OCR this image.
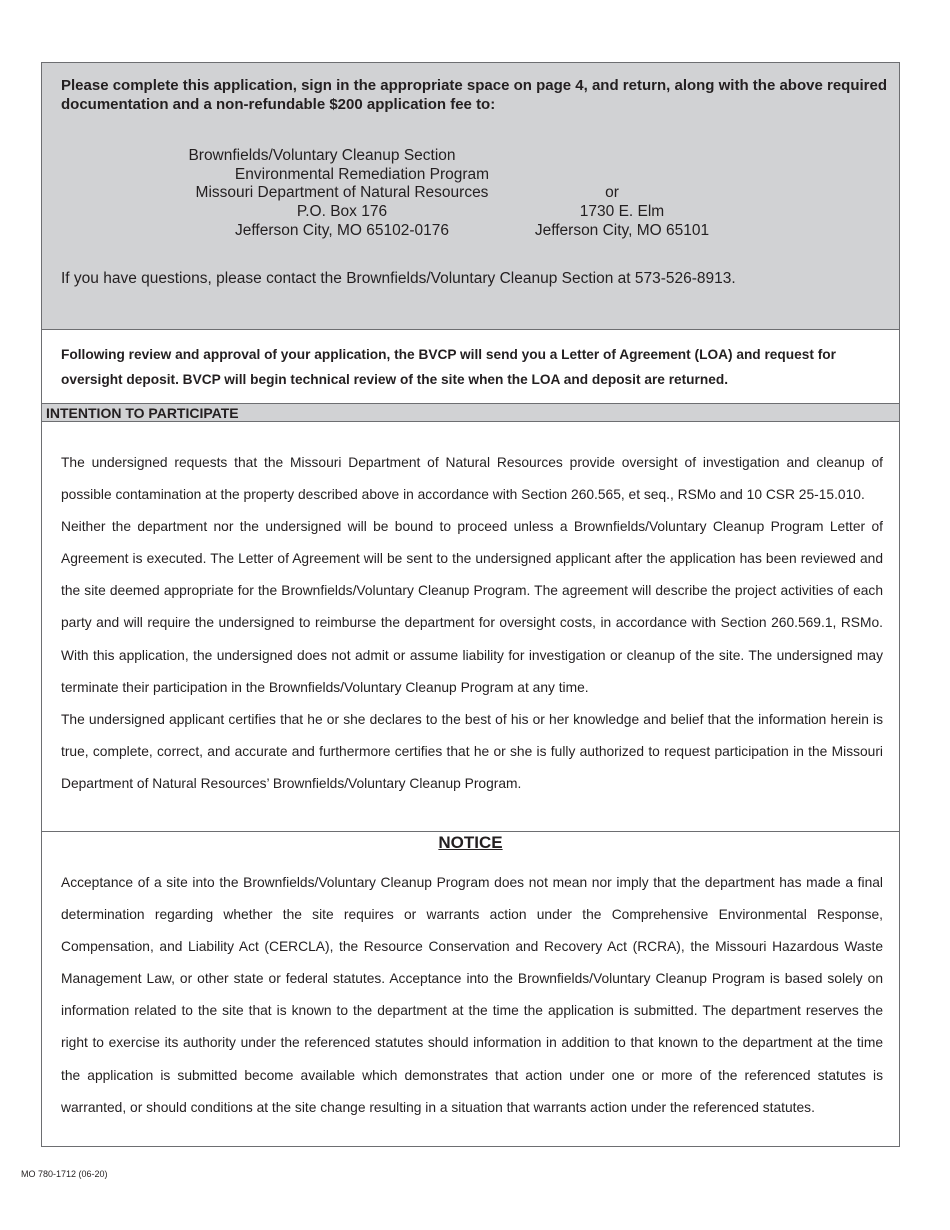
Please complete this application, sign in the appropriate space on page 4, and return, along with the above required documentation and a non-refundable $200 application fee to:

Brownfields/Voluntary Cleanup Section
Environmental Remediation Program
Missouri Department of Natural Resources
P.O. Box 176
Jefferson City, MO 65102-0176
or
1730 E. Elm
Jefferson City, MO 65101

If you have questions, please contact the Brownfields/Voluntary Cleanup Section at 573-526-8913.

Following review and approval of your application, the BVCP will send you a Letter of Agreement (LOA) and request for oversight deposit. BVCP will begin technical review of the site when the LOA and deposit are returned.

INTENTION TO PARTICIPATE

The undersigned requests that the Missouri Department of Natural Resources provide oversight of investigation and cleanup of possible contamination at the property described above in accordance with Section 260.565, et seq., RSMo and 10 CSR 25-15.010.

Neither the department nor the undersigned will be bound to proceed unless a Brownfields/Voluntary Cleanup Program Letter of Agreement is executed. The Letter of Agreement will be sent to the undersigned applicant after the application has been reviewed and the site deemed appropriate for the Brownfields/Voluntary Cleanup Program. The agreement will describe the project activities of each party and will require the undersigned to reimburse the department for oversight costs, in accordance with Section 260.569.1, RSMo. With this application, the undersigned does not admit or assume liability for investigation or cleanup of the site. The undersigned may terminate their participation in the Brownfields/Voluntary Cleanup Program at any time.

The undersigned applicant certifies that he or she declares to the best of his or her knowledge and belief that the information herein is true, complete, correct, and accurate and furthermore certifies that he or she is fully authorized to request participation in the Missouri Department of Natural Resources’ Brownfields/Voluntary Cleanup Program.

NOTICE

Acceptance of a site into the Brownfields/Voluntary Cleanup Program does not mean nor imply that the department has made a final determination regarding whether the site requires or warrants action under the Comprehensive Environmental Response, Compensation, and Liability Act (CERCLA), the Resource Conservation and Recovery Act (RCRA), the Missouri Hazardous Waste Management Law, or other state or federal statutes. Acceptance into the Brownfields/Voluntary Cleanup Program is based solely on information related to the site that is known to the department at the time the application is submitted. The department reserves the right to exercise its authority under the referenced statutes should information in addition to that known to the department at the time the application is submitted become available which demonstrates that action under one or more of the referenced statutes is warranted, or should conditions at the site change resulting in a situation that warrants action under the referenced statutes.

MO 780-1712 (06-20)
